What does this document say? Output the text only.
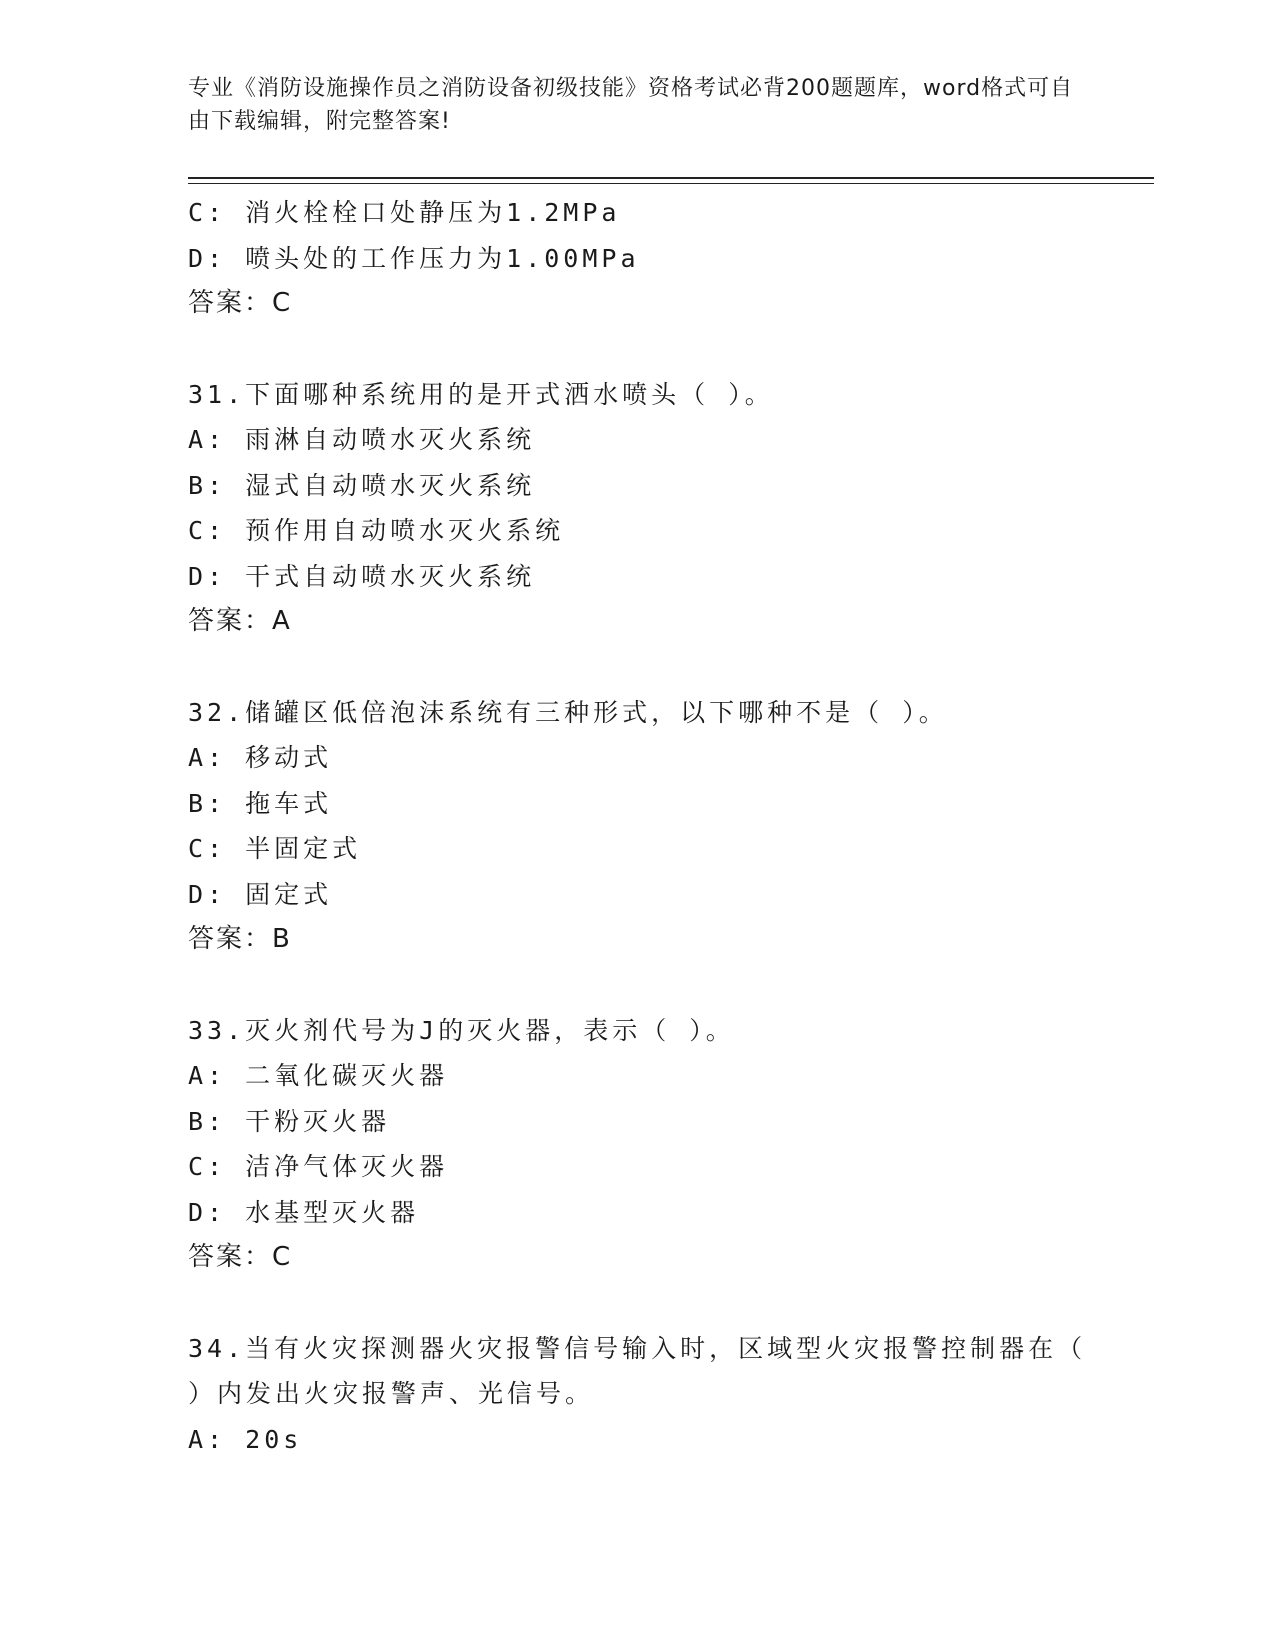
专业《消防设施操作员之消防设备初级技能》资格考试必背200题题库，word格式可自由下载编辑，附完整答案!
C: 消火栓栓口处静压为1.2MPa
D: 喷头处的工作压力为1.00MPa
答案：C
31.下面哪种系统用的是开式洒水喷头（ ）。
A: 雨淋自动喷水灭火系统
B: 湿式自动喷水灭火系统
C: 预作用自动喷水灭火系统
D: 干式自动喷水灭火系统
答案：A
32.储罐区低倍泡沫系统有三种形式，以下哪种不是（ ）。
A: 移动式
B: 拖车式
C: 半固定式
D: 固定式
答案：B
33.灭火剂代号为J的灭火器，表示（ ）。
A: 二氧化碳灭火器
B: 干粉灭火器
C: 洁净气体灭火器
D: 水基型灭火器
答案：C
34.当有火灾探测器火灾报警信号输入时，区域型火灾报警控制器在（ ）内发出火灾报警声、光信号。
A: 20s
